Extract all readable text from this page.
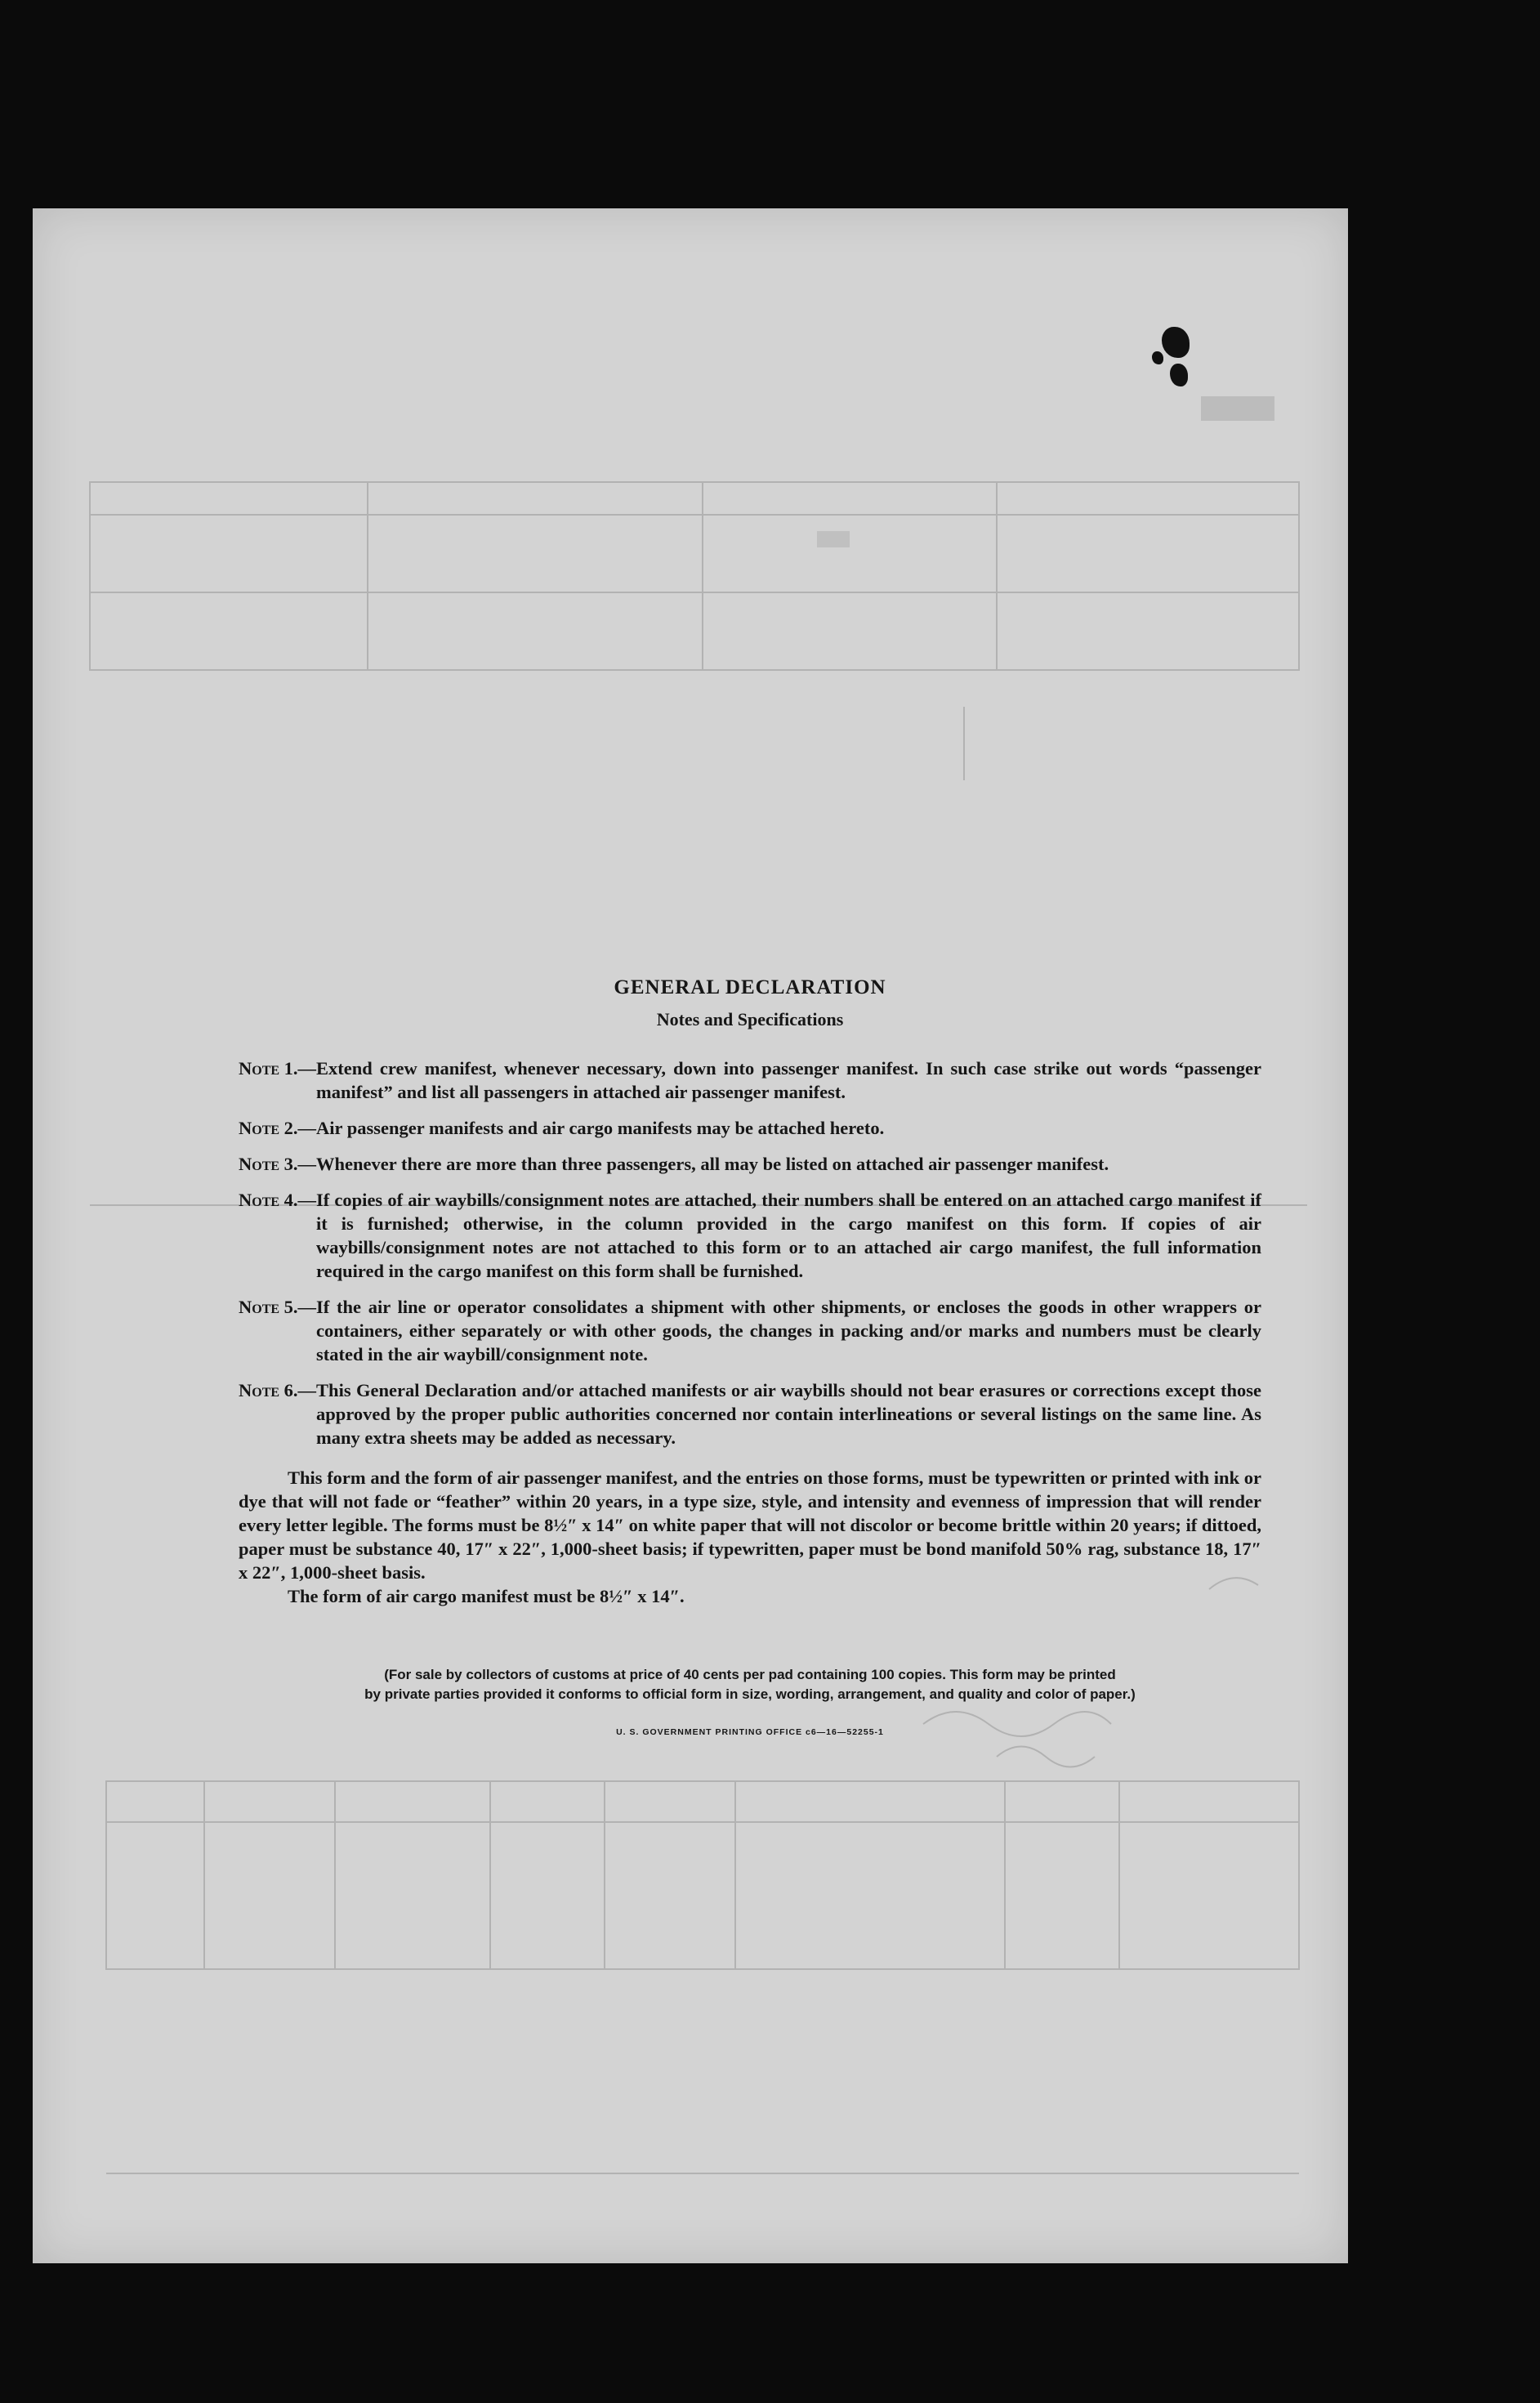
GENERAL DECLARATION
Notes and Specifications
Note 1. — Extend crew manifest, whenever necessary, down into passenger manifest. In such case strike out words “passenger manifest” and list all passengers in attached air passenger manifest.
Note 2. — Air passenger manifests and air cargo manifests may be attached hereto.
Note 3. — Whenever there are more than three passengers, all may be listed on attached air passenger manifest.
Note 4. — If copies of air waybills/consignment notes are attached, their numbers shall be entered on an attached cargo manifest if it is furnished; otherwise, in the column provided in the cargo manifest on this form. If copies of air waybills/consignment notes are not attached to this form or to an attached air cargo manifest, the full information required in the cargo manifest on this form shall be furnished.
Note 5. — If the air line or operator consolidates a shipment with other shipments, or encloses the goods in other wrappers or containers, either separately or with other goods, the changes in packing and/or marks and numbers must be clearly stated in the air waybill/consignment note.
Note 6. — This General Declaration and/or attached manifests or air waybills should not bear erasures or corrections except those approved by the proper public authorities concerned nor contain interlineations or several listings on the same line. As many extra sheets may be added as necessary.

This form and the form of air passenger manifest, and the entries on those forms, must be typewritten or printed with ink or dye that will not fade or “feather” within 20 years, in a type size, style, and intensity and evenness of impression that will render every letter legible. The forms must be 8½″ x 14″ on white paper that will not discolor or become brittle within 20 years; if dittoed, paper must be substance 40, 17″ x 22″, 1,000-sheet basis; if typewritten, paper must be bond manifold 50% rag, substance 18, 17″ x 22″, 1,000-sheet basis.

The form of air cargo manifest must be 8½″ x 14″.
(For sale by collectors of customs at price of 40 cents per pad containing 100 copies. This form may be printed
by private parties provided it conforms to official form in size, wording, arrangement, and quality and color of paper.)
U. S. GOVERNMENT PRINTING OFFICE c6—16—52255-1
